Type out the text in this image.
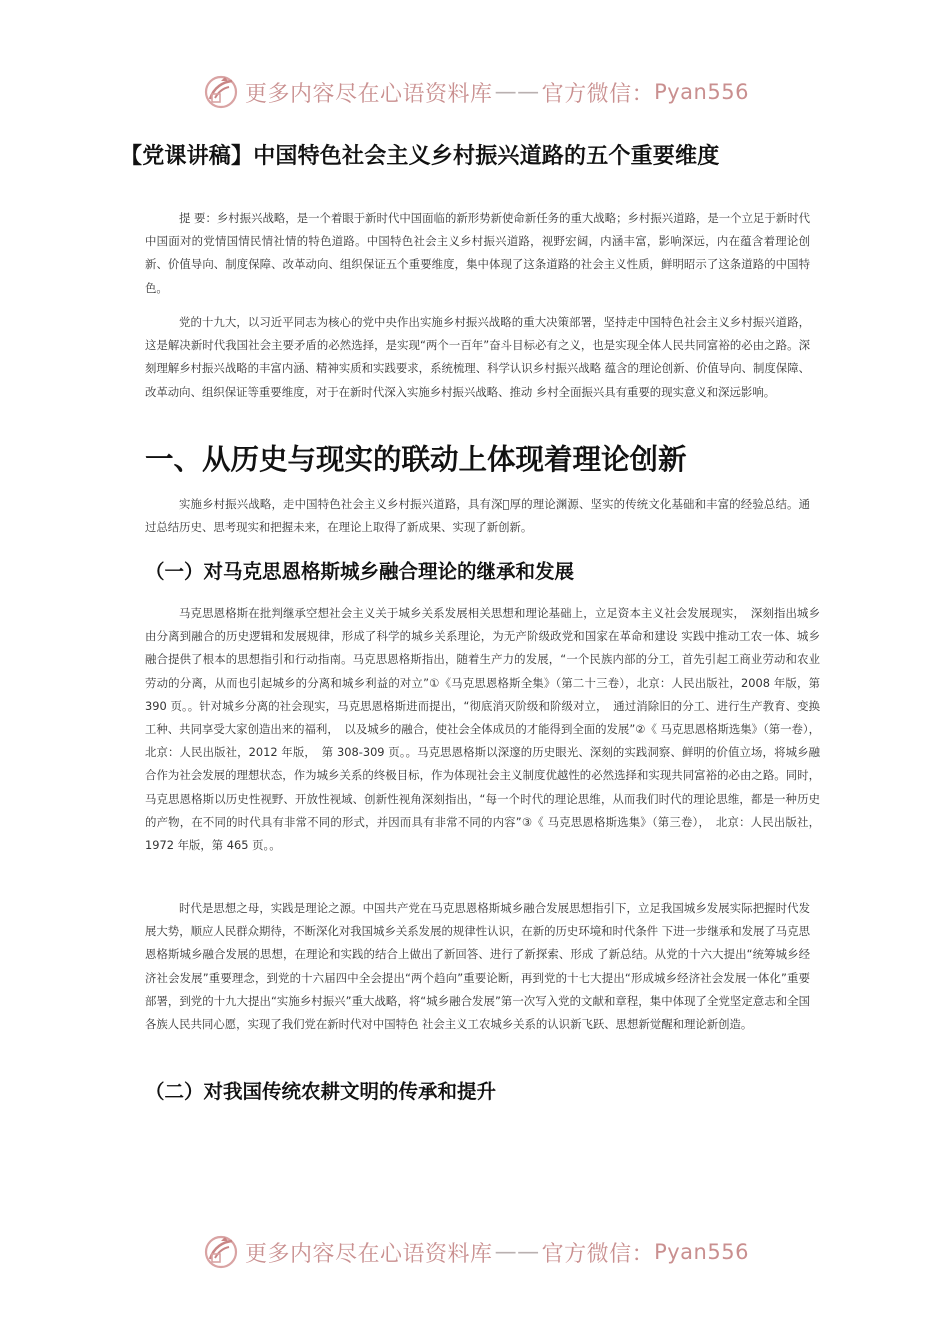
更多内容尽在心语资料库 —— 官方微信： Pyan556
【党课讲稿】中国特色社会主义乡村振兴道路的五个重要维度

提 要：乡村振兴战略，是一个着眼于新时代中国面临的新形势新使命新任务的重大战略；乡村振兴道路，是一个立足于新时代中国面对的党情国情民情社情的特色道路。中国特色社会主义乡村振兴道路，视野宏阔，内涵丰富，影响深远，内在蕴含着理论创新、价值导向、制度保障、改革动向、组织保证五个重要维度，集中体现了这条道路的社会主义性质，鲜明昭示了这条道路的中国特色。

党的十九大，以习近平同志为核心的党中央作出实施乡村振兴战略的重大决策部署，坚持走中国特色社会主义乡村振兴道路，这是解决新时代我国社会主要矛盾的必然选择，是实现“两个一百年”奋斗目标必有之义，也是实现全体人民共同富裕的必由之路。深刻理解乡村振兴战略的丰富内涵、精神实质和实践要求，系统梳理、科学认识乡村振兴战略 蕴含的理论创新、价值导向、制度保障、改革动向、组织保证等重要维度，对于在新时代深入实施乡村振兴战略、推动 乡村全面振兴具有重要的现实意义和深远影响。

一、从历史与现实的联动上体现着理论创新

实施乡村振兴战略，走中国特色社会主义乡村振兴道路，具有深 厚的理论渊源、坚实的传统文化基础和丰富的经验总结。通过总结历史、思考现实和把握未来，在理论上取得了新成果、实现了新创新。

（一）对马克思恩格斯城乡融合理论的继承和发展

马克思恩格斯在批判继承空想社会主义关于城乡关系发展相关思想和理论基础上，立足资本主义社会发展现实，　深刻指出城乡由分离到融合的历史逻辑和发展规律，形成了科学的城乡关系理论，为无产阶级政党和国家在革命和建设 实践中推动工农一体、城乡融合提供了根本的思想指引和行动指南。马克思恩格斯指出，随着生产力的发展，“一个民族内部的分工，首先引起工商业劳动和农业劳动的分离，从而也引起城乡的分离和城乡利益的对立”①《马克思恩格斯全集》（第二十三卷），北京：人民出版社，2008 年版，第 390 页。。针对城乡分离的社会现实，马克思恩格斯进而提出，“彻底消灭阶级和阶级对立，　通过消除旧的分工、进行生产教育、变换工种、共同享受大家创造出来的福利，　以及城乡的融合，使社会全体成员的才能得到全面的发展”②《 马克思恩格斯选集》（第一卷），北京：人民出版社，2012 年版，　第 308-309 页。。马克思恩格斯以深邃的历史眼光、深刻的实践洞察、鲜明的价值立场，将城乡融合作为社会发展的理想状态，作为城乡关系的终极目标，作为体现社会主义制度优越性的必然选择和实现共同富裕的必由之路。同时，马克思恩格斯以历史性视野、开放性视域、创新性视角深刻指出，“每一个时代的理论思维，从而我们时代的理论思维，都是一种历史的产物，在不同的时代具有非常不同的形式，并因而具有非常不同的内容”③《 马克思恩格斯选集》（第三卷），　北京：人民出版社，1972 年版，第 465 页。。

时代是思想之母，实践是理论之源。中国共产党在马克思恩格斯城乡融合发展思想指引下，立足我国城乡发展实际把握时代发展大势，顺应人民群众期待，不断深化对我国城乡关系发展的规律性认识，在新的历史环境和时代条件 下进一步继承和发展了马克思恩格斯城乡融合发展的思想，在理论和实践的结合上做出了新回答、进行了新探索、形成 了新总结。从党的十六大提出“统筹城乡经济社会发展”重要理念，到党的十六届四中全会提出“两个趋向”重要论断，再到党的十七大提出“形成城乡经济社会发展一体化”重要部署，到党的十九大提出“实施乡村振兴”重大战略，将“城乡融合发展”第一次写入党的文献和章程，集中体现了全党坚定意志和全国各族人民共同心愿，实现了我们党在新时代对中国特色 社会主义工农城乡关系的认识新飞跃、思想新觉醒和理论新创造。

（二）对我国传统农耕文明的传承和提升
更多内容尽在心语资料库 —— 官方微信： Pyan556
